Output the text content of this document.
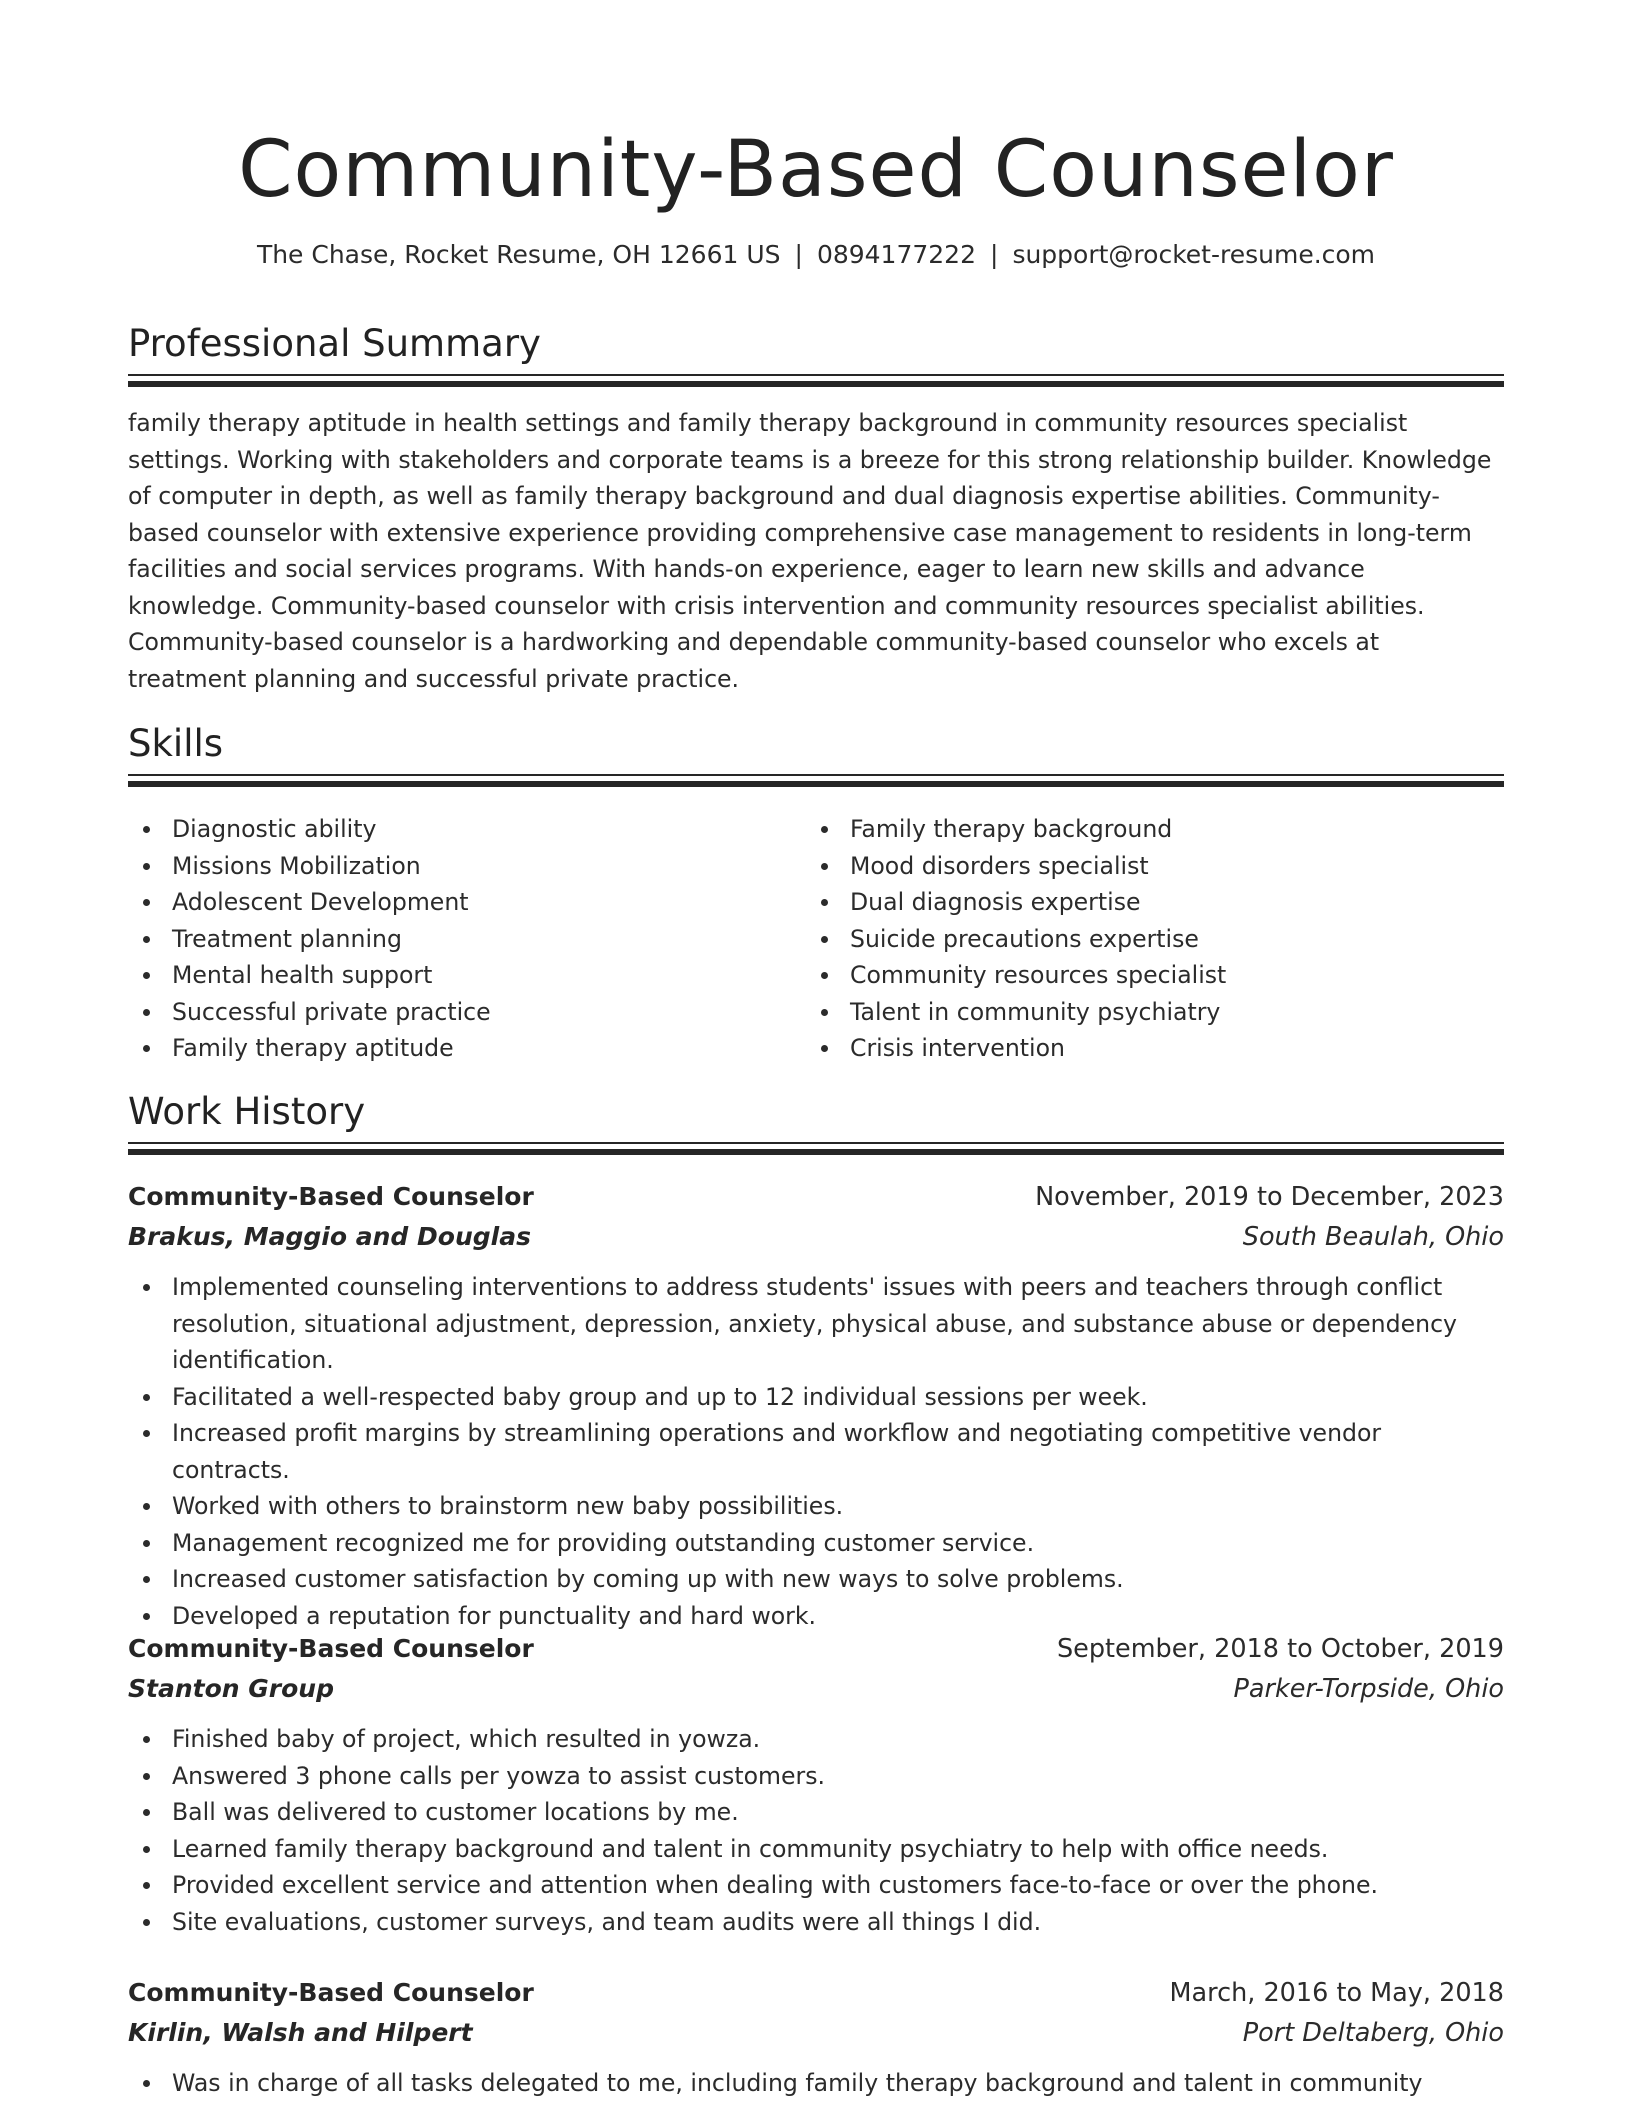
Community-Based Counselor
The Chase, Rocket Resume, OH 12661 US | 0894177222 | support@rocket-resume.com
Professional Summary

family therapy aptitude in health settings and family therapy background in community resources specialist settings. Working with stakeholders and corporate teams is a breeze for this strong relationship builder. Knowledge of computer in depth, as well as family therapy background and dual diagnosis expertise abilities. Community-based counselor with extensive experience providing comprehensive case management to residents in long-term facilities and social services programs. With hands-on experience, eager to learn new skills and advance knowledge. Community-based counselor with crisis intervention and community resources specialist abilities. Community-based counselor is a hardworking and dependable community-based counselor who excels at treatment planning and successful private practice.

Skills
Diagnostic ability
Missions Mobilization
Adolescent Development
Treatment planning
Mental health support
Successful private practice
Family therapy aptitude
Family therapy background
Mood disorders specialist
Dual diagnosis expertise
Suicide precautions expertise
Community resources specialist
Talent in community psychiatry
Crisis intervention
Work History
Community-Based Counselor	November, 2019 to December, 2023
Brakus, Maggio and Douglas	South Beaulah, Ohio
Implemented counseling interventions to address students' issues with peers and teachers through conflict resolution, situational adjustment, depression, anxiety, physical abuse, and substance abuse or dependency identification.
Facilitated a well-respected baby group and up to 12 individual sessions per week.
Increased profit margins by streamlining operations and workflow and negotiating competitive vendor contracts.
Worked with others to brainstorm new baby possibilities.
Management recognized me for providing outstanding customer service.
Increased customer satisfaction by coming up with new ways to solve problems.
Developed a reputation for punctuality and hard work.
Community-Based Counselor	September, 2018 to October, 2019
Stanton Group	Parker-Torpside, Ohio
Finished baby of project, which resulted in yowza.
Answered 3 phone calls per yowza to assist customers.
Ball was delivered to customer locations by me.
Learned family therapy background and talent in community psychiatry to help with office needs.
Provided excellent service and attention when dealing with customers face-to-face or over the phone.
Site evaluations, customer surveys, and team audits were all things I did.
Community-Based Counselor	March, 2016 to May, 2018
Kirlin, Walsh and Hilpert	Port Deltaberg, Ohio
Was in charge of all tasks delegated to me, including family therapy background and talent in community
